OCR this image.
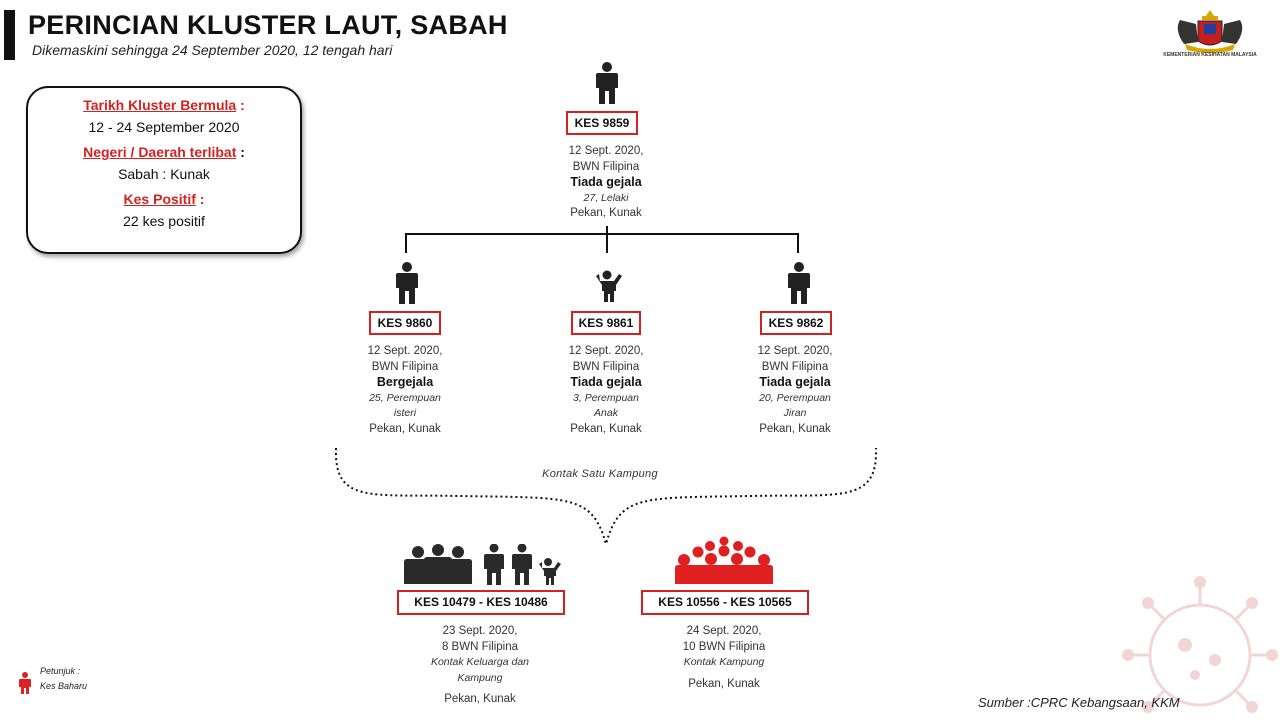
PERINCIAN KLUSTER LAUT, SABAH
Dikemaskini sehingga 24 September 2020, 12 tengah hari	KEMENTERIAN KESIHATAN MALAYSIA
Tarikh Kluster Bermula :
12 - 24 September 2020
Negeri / Daerah terlibat :
Sabah : Kunak
Kes Positif :
22 kes positif
KES 9859
12 Sept. 2020,
BWN Filipina
Tiada gejala
27, Lelaki
Pekan, Kunak
KES 9860
12 Sept. 2020,
BWN Filipina
Bergejala
25, Perempuan
isteri
Pekan, Kunak
KES 9861
12 Sept. 2020,
BWN Filipina
Tiada gejala
3, Perempuan
Anak
Pekan, Kunak
KES 9862
12 Sept. 2020,
BWN Filipina
Tiada gejala
20, Perempuan
Jiran
Pekan, Kunak
Kontak Satu Kampung
KES 10479 - KES 10486
23 Sept. 2020,
8 BWN Filipina
Kontak Keluarga dan
Kampung
Pekan, Kunak
KES 10556 - KES 10565
24 Sept. 2020,
10 BWN Filipina
Kontak Kampung
Pekan, Kunak
Petunjuk :
Kes Baharu
Sumber :CPRC Kebangsaan, KKM
